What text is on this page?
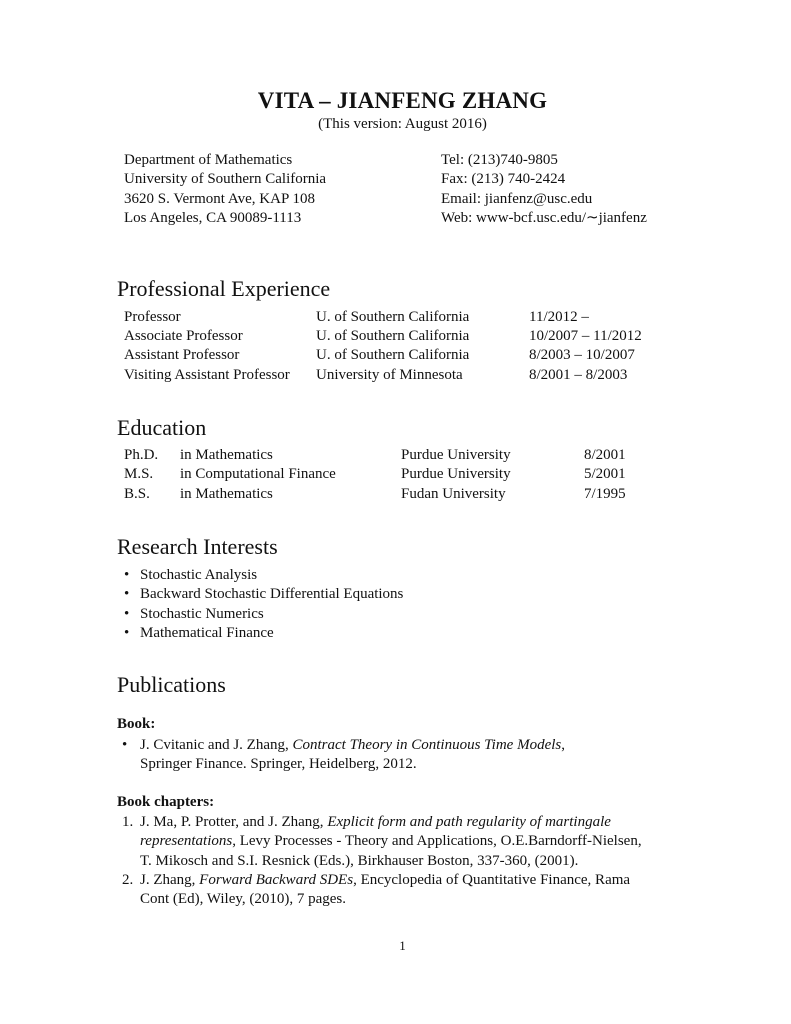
VITA – JIANFENG ZHANG
(This version: August 2016)
Department of Mathematics
University of Southern California
3620 S. Vermont Ave, KAP 108
Los Angeles, CA 90089-1113
Tel: (213)740-9805
Fax: (213) 740-2424
Email: jianfenz@usc.edu
Web: www-bcf.usc.edu/∼jianfenz
Professional Experience
Professor	U. of Southern California	11/2012 –
Associate Professor	U. of Southern California	10/2007 – 11/2012
Assistant Professor	U. of Southern California	8/2003 – 10/2007
Visiting Assistant Professor University of Minnesota	8/2001 – 8/2003
Education
Ph.D. in Mathematics	Purdue University	8/2001
M.S. in Computational Finance	Purdue University	5/2001
B.S. in Mathematics	Fudan University	7/1995
Research Interests
• Stochastic Analysis
• Backward Stochastic Differential Equations
• Stochastic Numerics
• Mathematical Finance
Publications
Book:
• J. Cvitanic and J. Zhang, Contract Theory in Continuous Time Models,
Springer Finance. Springer, Heidelberg, 2012.
Book chapters:
1. J. Ma, P. Protter, and J. Zhang, Explicit form and path regularity of martingale
representations, Levy Processes - Theory and Applications, O.E.Barndorff-Nielsen,
T. Mikosch and S.I. Resnick (Eds.), Birkhauser Boston, 337-360, (2001).
2. J. Zhang, Forward Backward SDEs, Encyclopedia of Quantitative Finance, Rama
Cont (Ed), Wiley, (2010), 7 pages.
1
